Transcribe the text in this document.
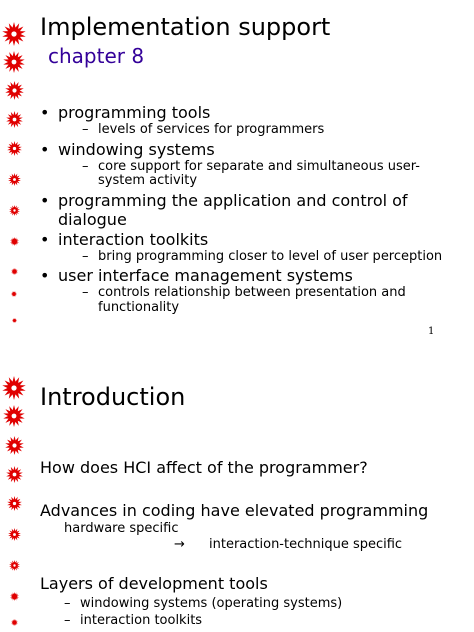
Implementation support
chapter 8
• programming tools
– levels of services for programmers
• windowing systems
– core support for separate and simultaneous user-system activity
• programming the application and control of dialogue
• interaction toolkits
– bring programming closer to level of user perception
• user interface management systems
– controls relationship between presentation and functionality
1
Introduction
How does HCI affect of the programmer?
Advances in coding have elevated programming
hardware specific
→ interaction-technique specific
Layers of development tools
– windowing systems (operating systems)
– interaction toolkits
